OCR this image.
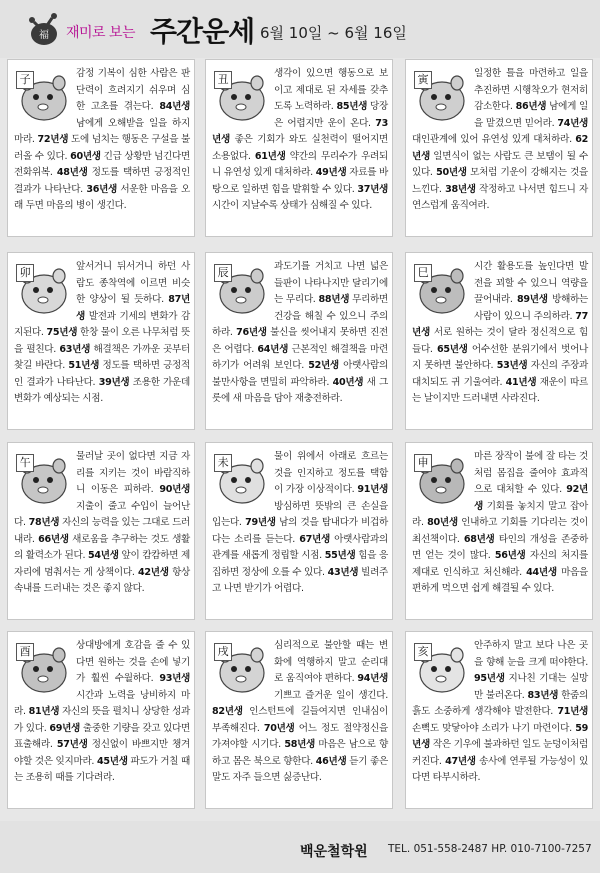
福 재미로 보는 주간운세 6월 10일 ~ 6월 16일
子	감정 기복이 심한 사람은 판단력이 흐려지기 쉬우며 심한 고초를 겪는다. 84년생 남에게 오해받을 일을 하지 마라. 72년생 도에 넘치는 행동은 구설을 불러올 수 있다. 60년생 긴급 상황만 넘긴다면 전화위복. 48년생 정도를 택하면 긍정적인 결과가 나타난다. 36년생 서운한 마음을 오래 두면 마음의 병이 생긴다.
丑	생각이 있으면 행동으로 보이고 제대로 된 자세를 갖추도록 노력하라. 85년생 당장은 어렵지만 운이 온다. 73년생 좋은 기회가 와도 실천력이 떨어지면 소용없다. 61년생 약간의 무리수가 우려되니 유연성 있게 대처하라. 49년생 자료를 바탕으로 일하면 힘을 발휘할 수 있다. 37년생 시간이 지날수록 상태가 심해질 수 있다.
寅	일정한 틀을 마련하고 일을 추진하면 시행착오가 현저히 감소한다. 86년생 남에게 일을 맡겼으면 믿어라. 74년생 대인관계에 있어 유연성 있게 대처하라. 62년생 일면식이 없는 사람도 큰 보탬이 될 수 있다. 50년생 모처럼 기운이 강해지는 것을 느낀다. 38년생 작정하고 나서면 힘드니 자연스럽게 움직여라.
卯	앞서거니 뒤서거니 하던 사람도 종착역에 이르면 비슷한 양상이 될 듯하다. 87년생 발전과 기세의 변화가 감지된다. 75년생 한창 물이 오른 나무처럼 뜻을 펼친다. 63년생 해결책은 가까운 곳부터 찾길 바란다. 51년생 정도를 택하면 긍정적인 결과가 나타난다. 39년생 조용한 가운데 변화가 예상되는 시점.
辰	과도기를 거치고 나면 넓은 들판이 나타나지만 달리기에는 무리다. 88년생 무리하면 건강을 해칠 수 있으니 주의하라. 76년생 불신을 씻어내지 못하면 진전은 어렵다. 64년생 근본적인 해결책을 마련하기가 어려워 보인다. 52년생 아랫사람의 불만사항을 면밀히 파악하라. 40년생 새 그릇에 새 마음을 담아 재충전하라.
巳	시간 활용도를 높인다면 발전을 꾀할 수 있으니 역량을 끌어내라. 89년생 방해하는 사람이 있으니 주의하라. 77년생 서로 원하는 것이 달라 정신적으로 힘들다. 65년생 어수선한 분위기에서 벗어나지 못하면 불안하다. 53년생 자신의 주장과 대치되도 귀 기울여라. 41년생 재운이 따르는 날이지만 드러내면 사라진다.
午	물러날 곳이 없다면 지금 자리를 지키는 것이 바람직하니 이동은 피하라. 90년생 지출이 줄고 수입이 늘어난다. 78년생 자신의 능력을 있는 그대로 드러내라. 66년생 새로움을 추구하는 것도 생활의 활력소가 된다. 54년생 앞이 캄캄하면 제자리에 멈춰서는 게 상책이다. 42년생 항상 속내를 드러내는 것은 좋지 않다.
未	물이 위에서 아래로 흐르는 것을 인지하고 정도를 택함이 가장 이상적이다. 91년생 방심하면 뜻밖의 큰 손실을 입는다. 79년생 남의 것을 탐내다가 비겁하다는 소리를 듣는다. 67년생 아랫사람과의 관계를 새롭게 정립할 시점. 55년생 힘을 응집하면 정상에 오를 수 있다. 43년생 빌려주고 나면 받기가 어렵다.
申	마른 장작이 불에 잘 타는 것처럼 몸집을 줄여야 효과적으로 대처할 수 있다. 92년생 기회를 놓치지 말고 잡아라. 80년생 인내하고 기회를 기다리는 것이 최선책이다. 68년생 타인의 개성을 존중하면 얻는 것이 많다. 56년생 자신의 처지를 제대로 인식하고 처신해라. 44년생 마음을 편하게 먹으면 쉽게 해결될 수 있다.
酉	상대방에게 호감을 줄 수 있다면 원하는 것을 손에 넣기가 훨씬 수월하다. 93년생 시간과 노력을 낭비하지 마라. 81년생 자신의 뜻을 펼치니 상당한 성과가 있다. 69년생 출중한 기량을 갖고 있다면 표출해라. 57년생 정신없이 바쁘지만 챙겨야할 것은 잊지마라. 45년생 파도가 거칠 때는 조용히 때를 기다려라.
戌	심리적으로 불안할 때는 변화에 역행하지 말고 순리대로 움직여야 편하다. 94년생 기쁘고 즐거운 일이 생긴다. 82년생 인스턴트에 길들여지면 인내심이 부족해진다. 70년생 어느 정도 절약정신을 가져야할 시기다. 58년생 마음은 남으로 향하고 몸은 북으로 향한다. 46년생 듣기 좋은 말도 자주 들으면 싫증난다.
亥	안주하지 말고 보다 나은 곳을 향해 눈을 크게 떠야한다. 95년생 지나친 기대는 실망만 불러온다. 83년생 한줌의 흙도 소중하게 생각해야 발전한다. 71년생 손뼉도 맞닿아야 소리가 나기 마련이다. 59년생 작은 기우에 불과하던 일도 눈덩이처럼 커진다. 47년생 송사에 연루될 가능성이 있다면 타부시하라.
백운철학원 TEL. 051-558-2487 HP. 010-7100-7257
